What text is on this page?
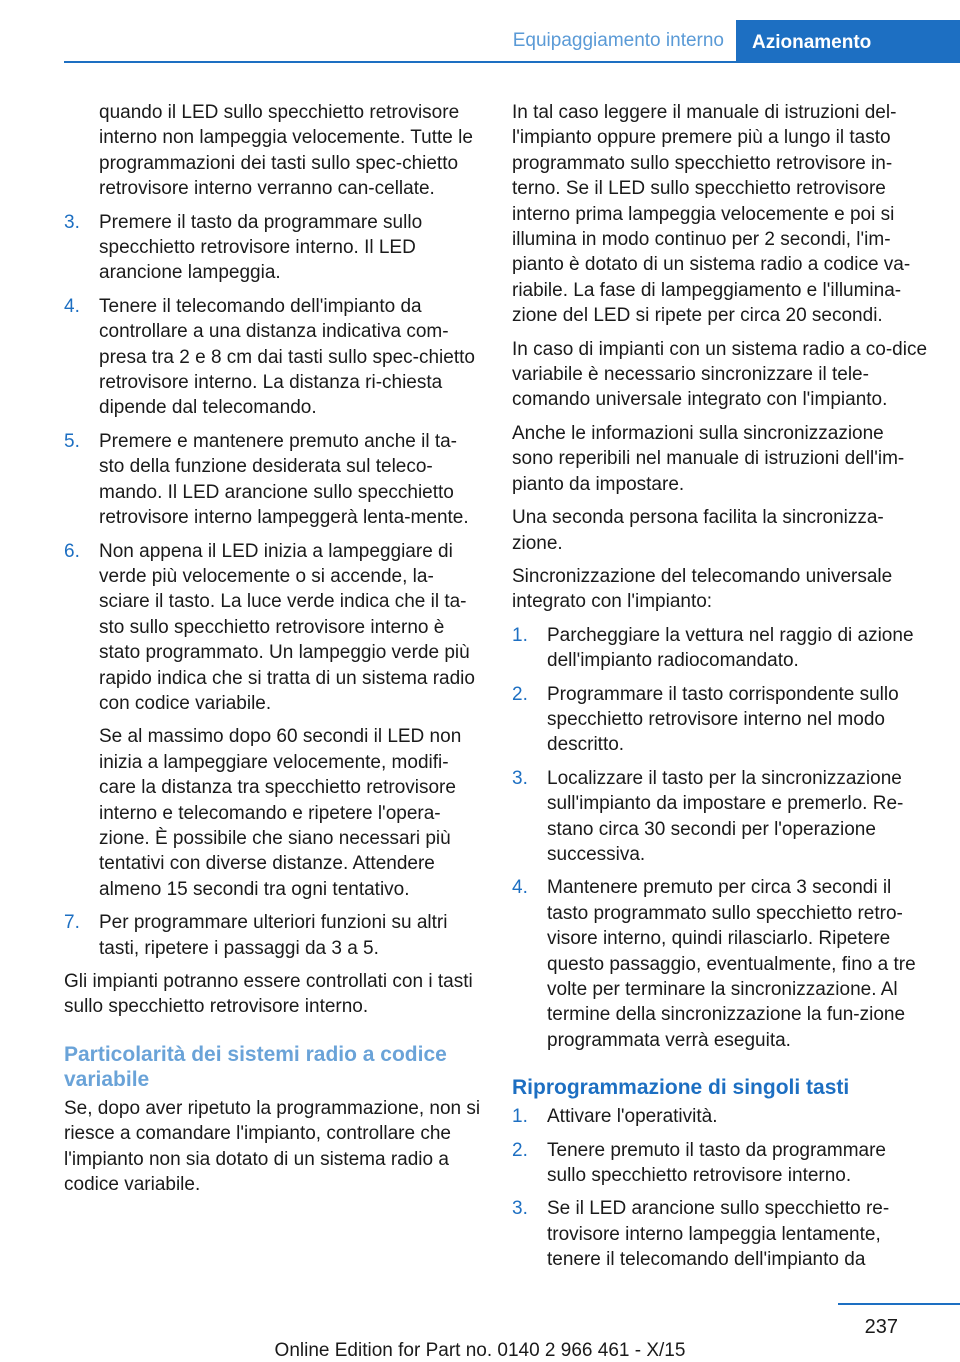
Equipaggiamento interno	Azionamento
quando il LED sullo specchietto retrovisore interno non lampeggia velocemente. Tutte le programmazioni dei tasti sullo spec-chietto retrovisore interno verranno can-cellate.
3. Premere il tasto da programmare sullo specchietto retrovisore interno. Il LED arancione lampeggia.
4. Tenere il telecomando dell'impianto da controllare a una distanza indicativa com-presa tra 2 e 8 cm dai tasti sullo spec-chietto retrovisore interno. La distanza ri-chiesta dipende dal telecomando.
5. Premere e mantenere premuto anche il ta-sto della funzione desiderata sul teleco-mando. Il LED arancione sullo specchietto retrovisore interno lampeggerà lenta-mente.
6. Non appena il LED inizia a lampeggiare di verde più velocemente o si accende, la-sciare il tasto. La luce verde indica che il ta-sto sullo specchietto retrovisore interno è stato programmato. Un lampeggio verde più rapido indica che si tratta di un sistema radio con codice variabile.
Se al massimo dopo 60 secondi il LED non inizia a lampeggiare velocemente, modifi-care la distanza tra specchietto retrovisore interno e telecomando e ripetere l'opera-zione. È possibile che siano necessari più tentativi con diverse distanze. Attendere almeno 15 secondi tra ogni tentativo.
7. Per programmare ulteriori funzioni su altri tasti, ripetere i passaggi da 3 a 5.

Gli impianti potranno essere controllati con i tasti sullo specchietto retrovisore interno.

Particolarità dei sistemi radio a codice variabile

Se, dopo aver ripetuto la programmazione, non si riesce a comandare l'impianto, controllare che l'impianto non sia dotato di un sistema radio a codice variabile.

In tal caso leggere il manuale di istruzioni del-l'impianto oppure premere più a lungo il tasto programmato sullo specchietto retrovisore in-terno. Se il LED sullo specchietto retrovisore interno prima lampeggia velocemente e poi si illumina in modo continuo per 2 secondi, l'im-pianto è dotato di un sistema radio a codice va-riabile. La fase di lampeggiamento e l'illumina-zione del LED si ripete per circa 20 secondi.

In caso di impianti con un sistema radio a co-dice variabile è necessario sincronizzare il tele-comando universale integrato con l'impianto.

Anche le informazioni sulla sincronizzazione sono reperibili nel manuale di istruzioni dell'im-pianto da impostare.

Una seconda persona facilita la sincronizza-zione.

Sincronizzazione del telecomando universale integrato con l'impianto:

1. Parcheggiare la vettura nel raggio di azione dell'impianto radiocomandato.
2. Programmare il tasto corrispondente sullo specchietto retrovisore interno nel modo descritto.
3. Localizzare il tasto per la sincronizzazione sull'impianto da impostare e premerlo. Re-stano circa 30 secondi per l'operazione successiva.
4. Mantenere premuto per circa 3 secondi il tasto programmato sullo specchietto retro-visore interno, quindi rilasciarlo. Ripetere questo passaggio, eventualmente, fino a tre volte per terminare la sincronizzazione. Al termine della sincronizzazione la fun-zione programmata verrà eseguita.
Riprogrammazione di singoli tasti
1. Attivare l'operatività.
2. Tenere premuto il tasto da programmare sullo specchietto retrovisore interno.
3. Se il LED arancione sullo specchietto re-trovisore interno lampeggia lentamente, tenere il telecomando dell'impianto da
237
Online Edition for Part no. 0140 2 966 461 - X/15
